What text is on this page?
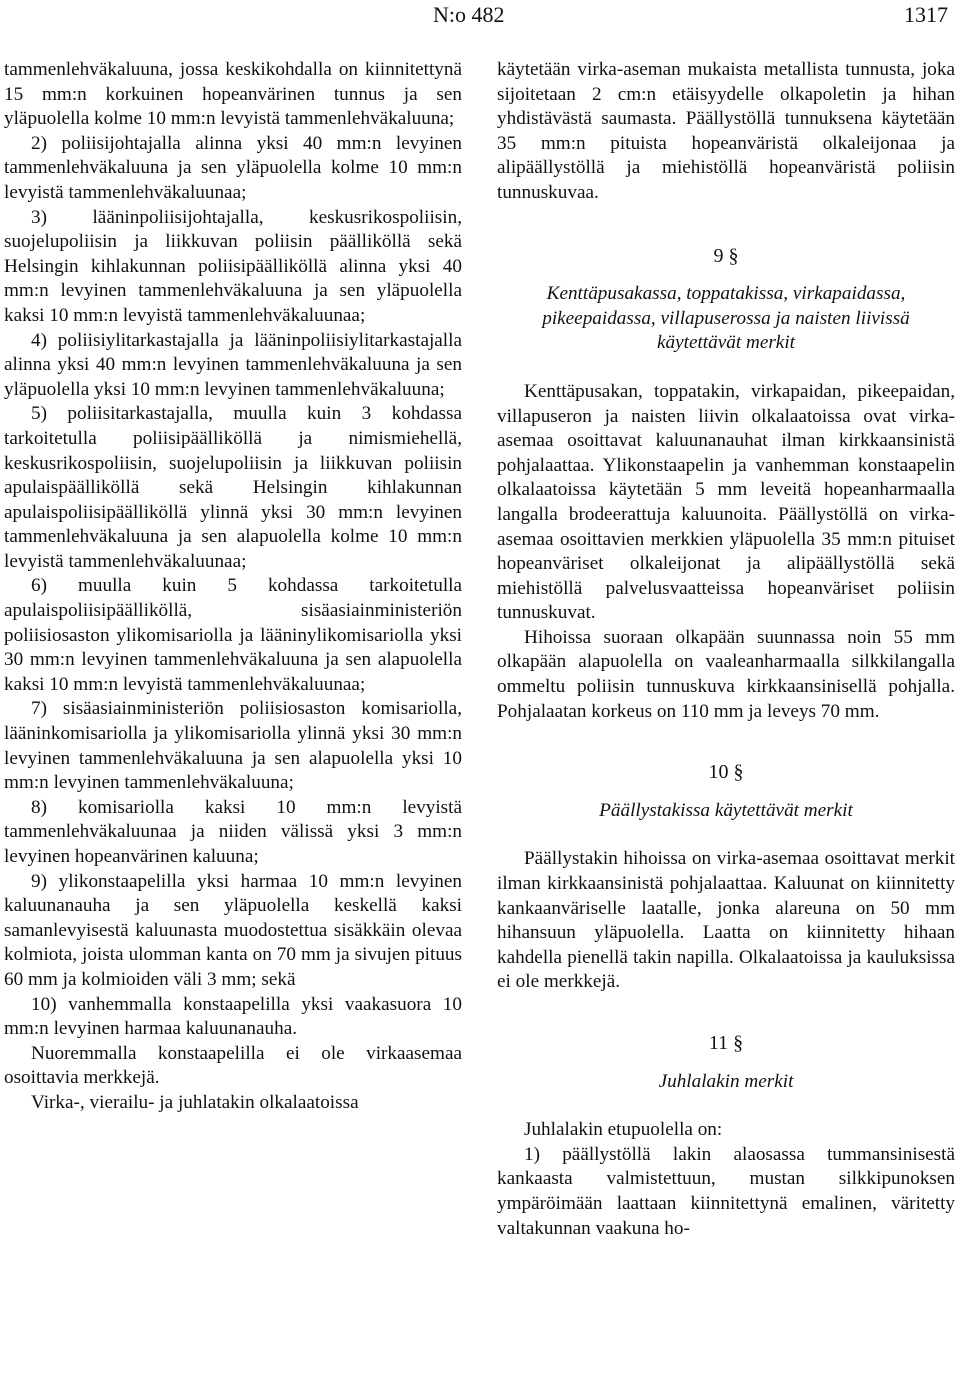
N:o 482	1317

tammenlehväkaluuna, jossa keskikohdalla on kiinnitettynä 15 mm:n korkuinen hopeanvärinen tunnus ja sen yläpuolella kolme 10 mm:n levyistä tammenlehväkaluuna;

2) poliisijohtajalla alinna yksi 40 mm:n levyinen tammenlehväkaluuna ja sen yläpuolella kolme 10 mm:n levyistä tammenlehväkaluunaa;

3) lääninpoliisijohtajalla, keskusrikospoliisin, suojelupoliisin ja liikkuvan poliisin päälliköllä sekä Helsingin kihlakunnan poliisipäälliköllä alinna yksi 40 mm:n levyinen tammenlehväkaluuna ja sen yläpuolella kaksi 10 mm:n levyistä tammenlehväkaluunaa;

4) poliisiylitarkastajalla ja lääninpoliisiylitarkastajalla alinna yksi 40 mm:n levyinen tammenlehväkaluuna ja sen yläpuolella yksi 10 mm:n levyinen tammenlehväkaluuna;

5) poliisitarkastajalla, muulla kuin 3 kohdassa tarkoitetulla poliisipäälliköllä ja nimismiehellä, keskusrikospoliisin, suojelupoliisin ja liikkuvan poliisin apulaispäälliköllä sekä Helsingin kihlakunnan apulaispoliisipäälliköllä ylinnä yksi 30 mm:n levyinen tammenlehväkaluuna ja sen alapuolella kolme 10 mm:n levyistä tammenlehväkaluunaa;

6) muulla kuin 5 kohdassa tarkoitetulla apulaispoliisipäälliköllä, sisäasiainministeriön poliisiosaston ylikomisariolla ja lääninylikomisariolla yksi 30 mm:n levyinen tammenlehväkaluuna ja sen alapuolella kaksi 10 mm:n levyistä tammenlehväkaluunaa;

7) sisäasiainministeriön poliisiosaston komisariolla, lääninkomisariolla ja ylikomisariolla ylinnä yksi 30 mm:n levyinen tammenlehväkaluuna ja sen alapuolella yksi 10 mm:n levyinen tammenlehväkaluuna;

8) komisariolla kaksi 10 mm:n levyistä tammenlehväkaluunaa ja niiden välissä yksi 3 mm:n levyinen hopeanvärinen kaluuna;

9) ylikonstaapelilla yksi harmaa 10 mm:n levyinen kaluunanauha ja sen yläpuolella keskellä kaksi samanlevyisestä kaluunasta muodostettua sisäkkäin olevaa kolmiota, joista ulomman kanta on 70 mm ja sivujen pituus 60 mm ja kolmioiden väli 3 mm; sekä

10) vanhemmalla konstaapelilla yksi vaakasuora 10 mm:n levyinen harmaa kaluunanauha.

Nuoremmalla konstaapelilla ei ole virkaasemaa osoittavia merkkejä.

Virka-, vierailu- ja juhlatakin olkalaatoissa

käytetään virka-aseman mukaista metallista tunnusta, joka sijoitetaan 2 cm:n etäisyydelle olkapoletin ja hihan yhdistävästä saumasta. Päällystöllä tunnuksena käytetään 35 mm:n pituista hopeanväristä olkaleijonaa ja alipäällystöllä ja miehistöllä hopeanväristä poliisin tunnuskuvaa.

9 §

Kenttäpusakassa, toppatakissa, virkapaidassa, pikeepaidassa, villapuserossa ja naisten liivissä käytettävät merkit

Kenttäpusakan, toppatakin, virkapaidan, pikeepaidan, villapuseron ja naisten liivin olkalaatoissa ovat virka-asemaa osoittavat kaluunanauhat ilman kirkkaansinistä pohjalaattaa. Ylikonstaapelin ja vanhemman konstaapelin olkalaatoissa käytetään 5 mm leveitä hopeanharmaalla langalla brodeerattuja kaluunoita. Päällystöllä on virka-asemaa osoittavien merkkien yläpuolella 35 mm:n pituiset hopeanväriset olkaleijonat ja alipäällystöllä sekä miehistöllä palvelusvaatteissa hopeanväriset poliisin tunnuskuvat.

Hihoissa suoraan olkapään suunnassa noin 55 mm olkapään alapuolella on vaaleanharmaalla silkkilangalla ommeltu poliisin tunnuskuva kirkkaansinisellä pohjalla. Pohjalaatan korkeus on 110 mm ja leveys 70 mm.

10 §

Päällystakissa käytettävät merkit

Päällystakin hihoissa on virka-asemaa osoittavat merkit ilman kirkkaansinistä pohjalaattaa. Kaluunat on kiinnitetty kankaanväriselle laatalle, jonka alareuna on 50 mm hihansuun yläpuolella. Laatta on kiinnitetty hihaan kahdella pienellä takin napilla. Olkalaatoissa ja kauluksissa ei ole merkkejä.

11 §

Juhlalakin merkit

Juhlalakin etupuolella on:

1) päällystöllä lakin alaosassa tummansinisestä kankaasta valmistettuun, mustan silkkipunoksen ympäröimään laattaan kiinnitettynä emalinen, väritetty valtakunnan vaakuna ho-
